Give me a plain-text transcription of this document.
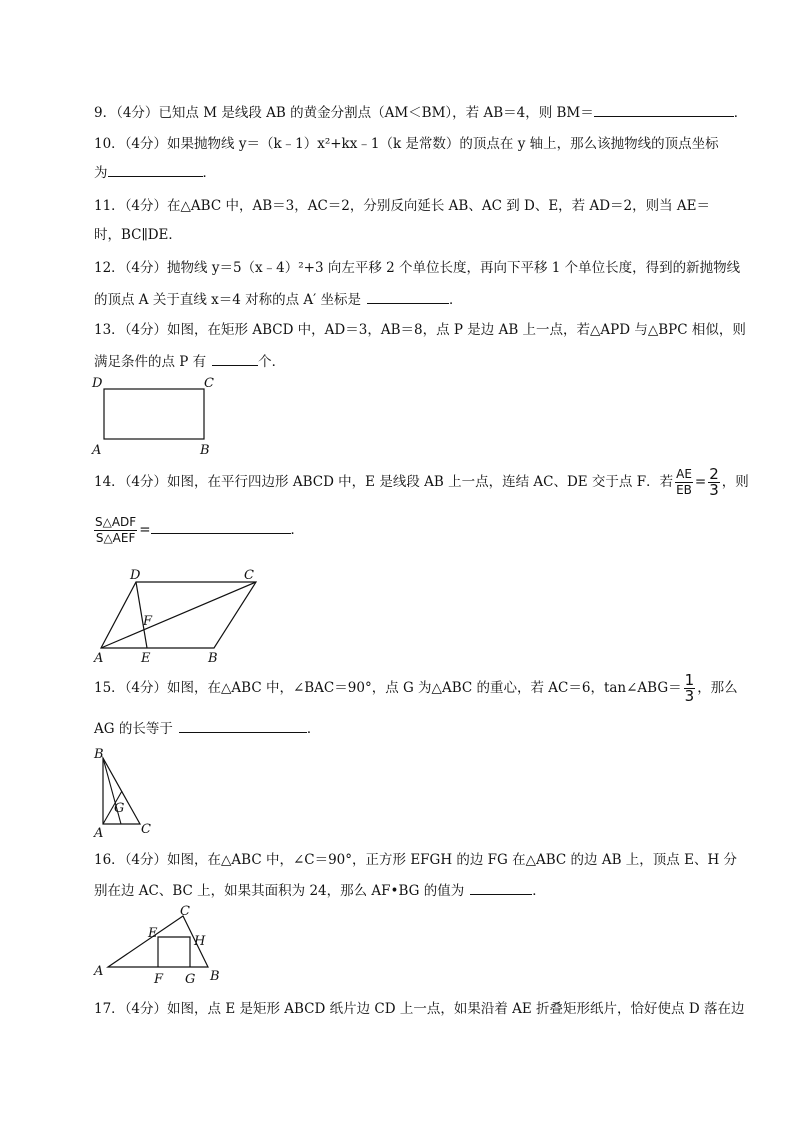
9．（4分）已知点 M 是线段 AB 的黄金分割点（AM＜BM），若 AB＝4，则 BM＝	．
10．（4分）如果抛物线 y＝（k﹣1）x²+kx﹣1（k 是常数）的顶点在 y 轴上，那么该抛物线的顶点坐标
为	．
11．（4分）在△ABC 中，AB＝3，AC＝2，分别反向延长 AB、AC 到 D、E，若 AD＝2，则当 AE＝
时，BC∥DE．
12．（4分）抛物线 y＝5（x﹣4）²+3 向左平移 2 个单位长度，再向下平移 1 个单位长度，得到的新抛物线
的顶点 A 关于直线 x＝4 对称的点 A′ 坐标是	．
13．（4分）如图，在矩形 ABCD 中，AD＝3，AB＝8，点 P 是边 AB 上一点，若△APD 与△BPC 相似，则
满足条件的点 P 有	个．
D	C
A	B
14．（4分）如图，在平行四边形 ABCD 中，E 是线段 AB 上一点，连结 AC、DE 交于点 F．若 $\frac{AE}{EB} = \frac{2}{3}$ ，则
$\frac{\text{S△ADF}}{\text{S△AEF}}$ =	．
D	C
F
A	E	B
15．（4分）如图，在△ABC 中，∠BAC＝90°，点 G 为△ABC 的重心，若 AC＝6，tan∠ABG＝ $\frac{1}{3}$ ，那么
AG 的长等于	．
B
G
A	C
16．（4分）如图，在△ABC 中，∠C＝90°，正方形 EFGH 的边 FG 在△ABC 的边 AB 上，顶点 E、H 分
别在边 AC、BC 上，如果其面积为 24，那么 AF•BG 的值为	．
C
E
H
A
F G B
17．（4分）如图，点 E 是矩形 ABCD 纸片边 CD 上一点，如果沿着 AE 折叠矩形纸片，恰好使点 D 落在边
